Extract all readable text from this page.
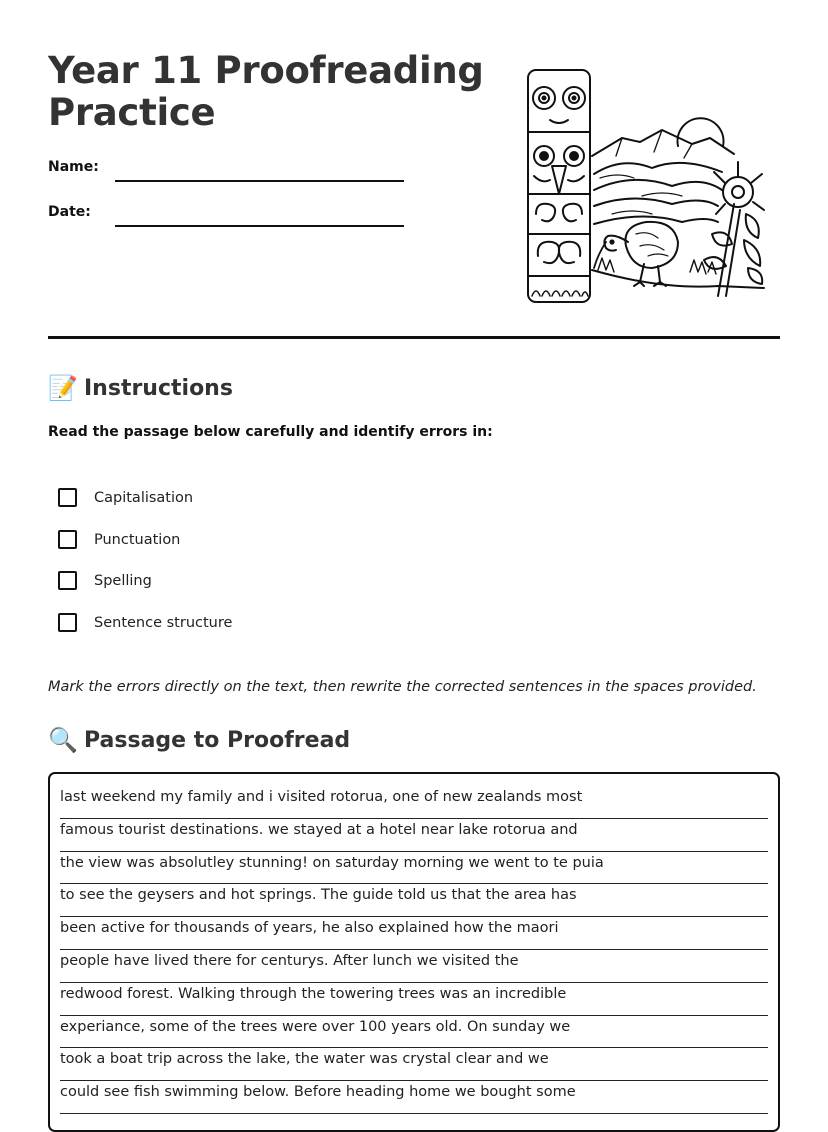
Year 11 Proofreading Practice
Name:
Date:
📝 Instructions
Read the passage below carefully and identify errors in:
Capitalisation
Punctuation
Spelling
Sentence structure
Mark the errors directly on the text, then rewrite the corrected sentences in the spaces provided.
🔍 Passage to Proofread
last weekend my family and i visited rotorua, one of new zealands most
famous tourist destinations. we stayed at a hotel near lake rotorua and
the view was absolutley stunning! on saturday morning we went to te puia
to see the geysers and hot springs. The guide told us that the area has
been active for thousands of years, he also explained how the maori
people have lived there for centurys. After lunch we visited the
redwood forest. Walking through the towering trees was an incredible
experiance, some of the trees were over 100 years old. On sunday we
took a boat trip across the lake, the water was crystal clear and we
could see fish swimming below. Before heading home we bought some
